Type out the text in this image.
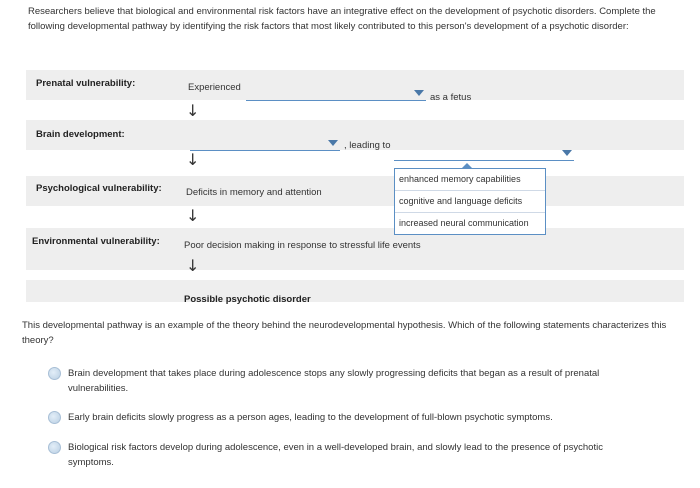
Researchers believe that biological and environmental risk factors have an integrative effect on the development of psychotic disorders. Complete the following developmental pathway by identifying the risk factors that most likely contributed to this person's development of a psychotic disorder:
Prenatal vulnerability:	Experienced
as a fetus
↓
Brain development:
, leading to
↓
Psychological vulnerability:	Deficits in memory and attention
↓
Environmental vulnerability:	Poor decision making in response to stressful life events
↓
Possible psychotic disorder
enhanced memory capabilities
cognitive and language deficits
increased neural communication
This developmental pathway is an example of the theory behind the neurodevelopmental hypothesis. Which of the following statements characterizes this theory?
Brain development that takes place during adolescence stops any slowly progressing deficits that began as a result of prenatal vulnerabilities.
Early brain deficits slowly progress as a person ages, leading to the development of full-blown psychotic symptoms.
Biological risk factors develop during adolescence, even in a well-developed brain, and slowly lead to the presence of psychotic symptoms.
